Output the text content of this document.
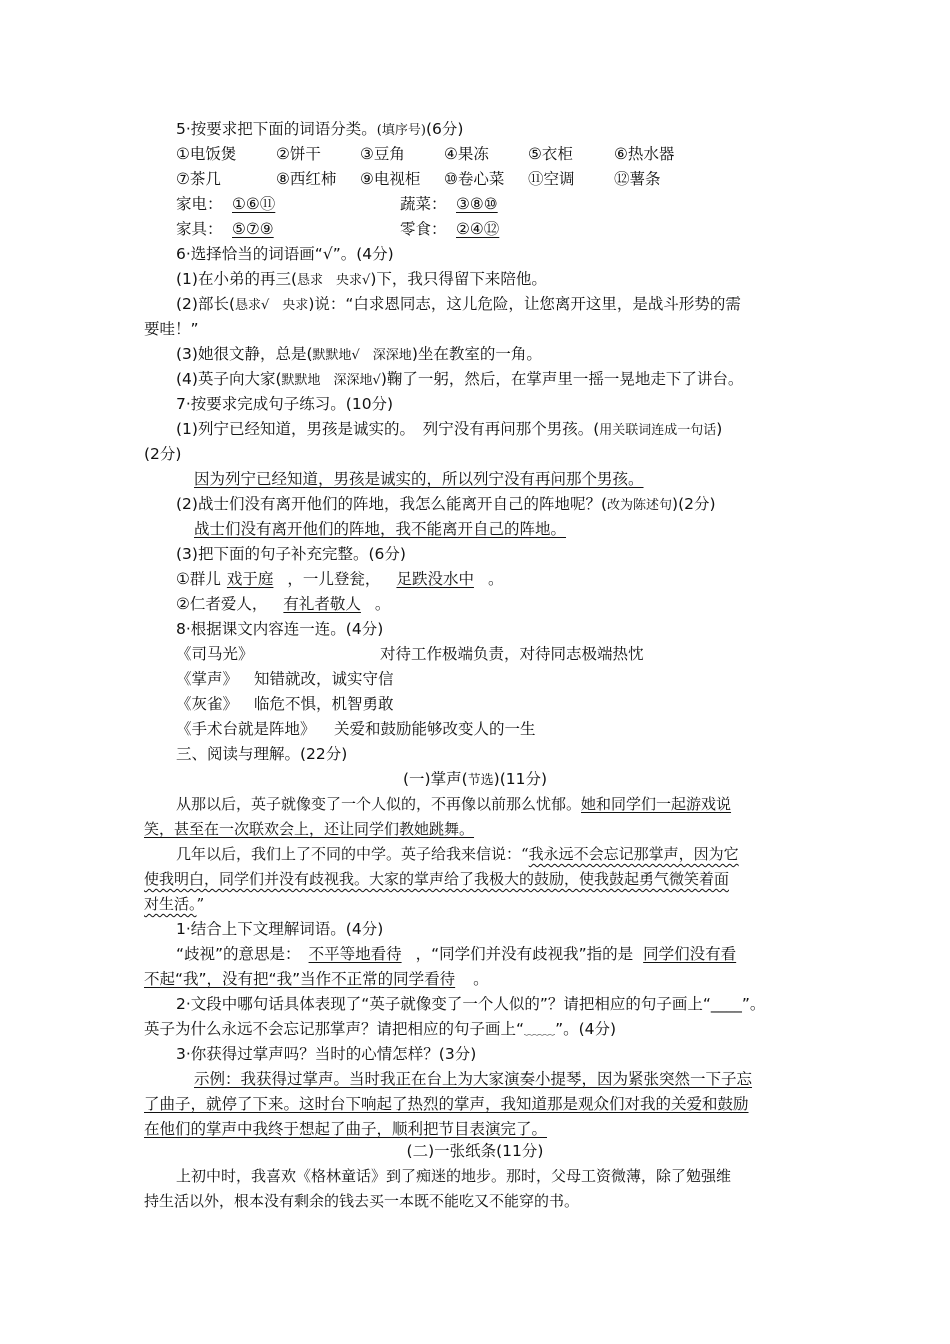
5·按要求把下面的词语分类。(填序号)(6分)
①电饭煲	②饼干	③豆角	④果冻	⑤衣柜	⑥热水器
⑦茶几	⑧西红柿 ⑨电视柜 ⑩卷心菜 ⑪空调	⑫薯条
家电： ①⑥⑪	蔬菜： ③⑧⑩
家具： ⑤⑦⑨	零食： ②④⑫
6·选择恰当的词语画“√”。(4分)
(1)在小弟的再三(恳求　央求√)下，我只得留下来陪他。
(2)部长(恳求√　央求)说：“白求恩同志，这儿危险，让您离开这里，是战斗形势的需
要哇！”
(3)她很文静，总是(默默地√　深深地)坐在教室的一角。
(4)英子向大家(默默地　深深地√)鞠了一躬，然后，在掌声里一摇一晃地走下了讲台。
7·按要求完成句子练习。(10分)
(1)列宁已经知道，男孩是诚实的。　列宁没有再问那个男孩。(用关联词连成一句话)
(2分)
因为列宁已经知道，男孩是诚实的，所以列宁没有再问那个男孩。
(2)战士们没有离开他们的阵地，我怎么能离开自己的阵地呢？(改为陈述句)(2分)
战士们没有离开他们的阵地，我不能离开自己的阵地。
(3)把下面的句子补充完整。(6分)
①群儿 戏于庭 ，一儿登瓮， 足跌没水中 。
②仁者爱人， 有礼者敬人 。
8·根据课文内容连一连。(4分)
《司马光》	对待工作极端负责，对待同志极端热忱
《掌声》 知错就改，诚实守信
《灰雀》 临危不惧，机智勇敢
《手术台就是阵地》 关爱和鼓励能够改变人的一生
三、阅读与理解。(22分)
(一)掌声(节选)(11分)
从那以后，英子就像变了一个人似的，不再像以前那么忧郁。她和同学们一起游戏说
笑，甚至在一次联欢会上，还让同学们教她跳舞。
几年以后，我们上了不同的中学。英子给我来信说：“我永远不会忘记那掌声，因为它
使我明白，同学们并没有歧视我。大家的掌声给了我极大的鼓励，使我鼓起勇气微笑着面
对生活。”
1·结合上下文理解词语。(4分)
“歧视”的意思是： 不平等地看待 ，“同学们并没有歧视我”指的是 同学们没有看
不起“我”，没有把“我”当作不正常的同学看待 。
2·文段中哪句话具体表现了“英子就像变了一个人似的”？请把相应的句子画上“____”。
英子为什么永远不会忘记那掌声？请把相应的句子画上“﹏﹏”。(4分)
3·你获得过掌声吗？当时的心情怎样？(3分)
示例：我获得过掌声。当时我正在台上为大家演奏小提琴，因为紧张突然一下子忘
了曲子，就停了下来。这时台下响起了热烈的掌声，我知道那是观众们对我的关爱和鼓励
在他们的掌声中我终于想起了曲子，顺利把节目表演完了。
(二)一张纸条(11分)
上初中时，我喜欢《格林童话》到了痴迷的地步。那时，父母工资微薄，除了勉强维
持生活以外，根本没有剩余的钱去买一本既不能吃又不能穿的书。
